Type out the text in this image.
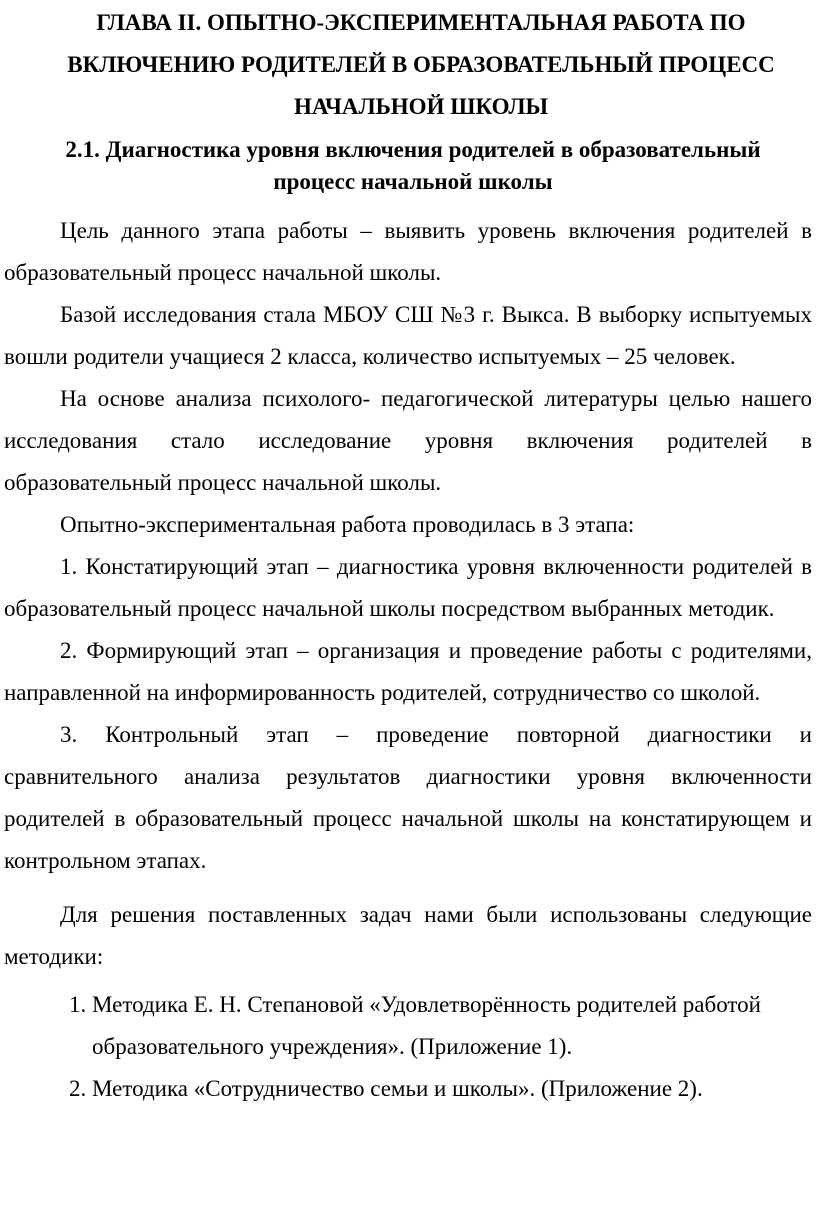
ГЛАВА II. ОПЫТНО-ЭКСПЕРИМЕНТАЛЬНАЯ РАБОТА ПО ВКЛЮЧЕНИЮ РОДИТЕЛЕЙ В ОБРАЗОВАТЕЛЬНЫЙ ПРОЦЕСС НАЧАЛЬНОЙ ШКОЛЫ
2.1. Диагностика уровня включения родителей в образовательный процесс начальной школы

Цель данного этапа работы – выявить уровень включения родителей в образовательный процесс начальной школы.

Базой исследования стала МБОУ СШ №3 г. Выкса. В выборку испытуемых вошли родители учащиеся 2 класса, количество испытуемых – 25 человек.

На основе анализа психолого- педагогической литературы целью нашего исследования стало исследование уровня включения родителей в образовательный процесс начальной школы.

Опытно-экспериментальная работа проводилась в 3 этапа:

1. Констатирующий этап – диагностика уровня включенности родителей в образовательный процесс начальной школы посредством выбранных методик.

2. Формирующий этап – организация и проведение работы с родителями, направленной на информированность родителей, сотрудничество со школой.

3. Контрольный этап – проведение повторной диагностики и сравнительного анализа результатов диагностики уровня включенности родителей в образовательный процесс начальной школы на констатирующем и контрольном этапах.

Для решения поставленных задач нами были использованы следующие методики:

1. Методика Е. Н. Степановой «Удовлетворённость родителей работой образовательного учреждения». (Приложение 1).
2. Методика «Сотрудничество семьи и школы». (Приложение 2).
